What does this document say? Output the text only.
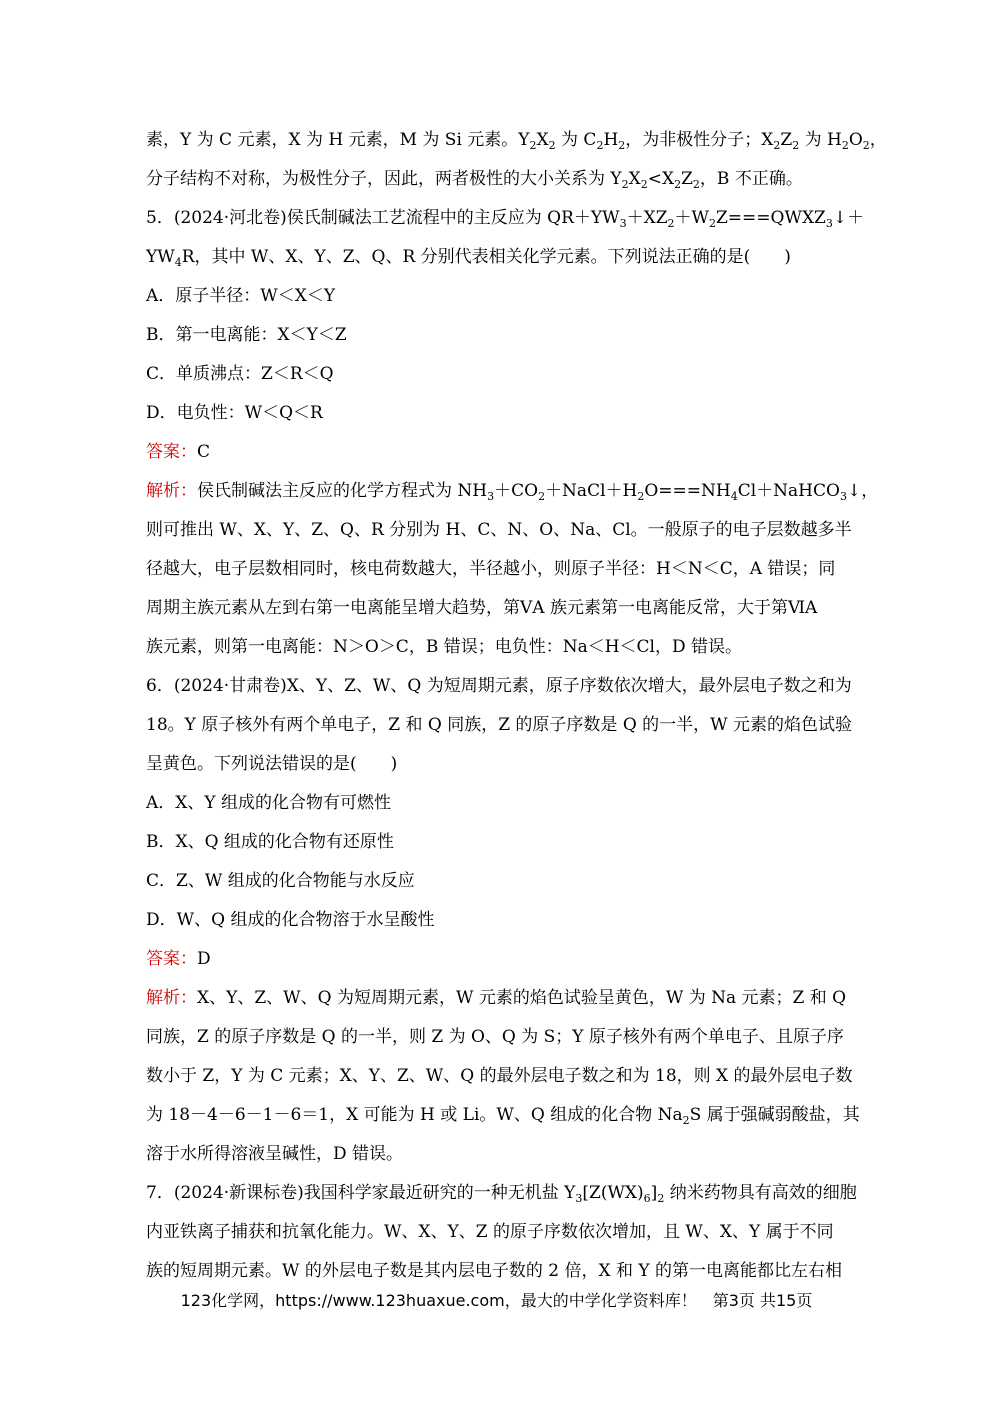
素，Y 为 C 元素，X 为 H 元素，M 为 Si 元素。$Y_2X_2$ 为 $C_2H_2$，为非极性分子；$X_2Z_2$ 为 $H_2O_2$，
分子结构不对称，为极性分子，因此，两者极性的大小关系为 $Y_2X_2<X_2Z_2$，B 不正确。
5．(2024·河北卷)侯氏制碱法工艺流程中的主反应为 $QR+YW_3+XZ_2+W_2Z===QWXZ_3↓+$
$YW_4R$，其中 W、X、Y、Z、Q、R 分别代表相关化学元素。下列说法正确的是(　　)
A．原子半径：W＜X＜Y
B．第一电离能：X＜Y＜Z
C．单质沸点：Z＜R＜Q
D．电负性：W＜Q＜R
答案：C
解析：侯氏制碱法主反应的化学方程式为 $NH_3+CO_2+NaCl+H_2O===NH_4Cl+NaHCO_3↓$，
则可推出 W、X、Y、Z、Q、R 分别为 H、C、N、O、Na、Cl。一般原子的电子层数越多半
径越大，电子层数相同时，核电荷数越大，半径越小，则原子半径：H＜N＜C，A 错误；同
周期主族元素从左到右第一电离能呈增大趋势，第ⅤA 族元素第一电离能反常，大于第ⅥA
族元素，则第一电离能：N＞O＞C，B 错误；电负性：Na＜H＜Cl，D 错误。
6．(2024·甘肃卷)X、Y、Z、W、Q 为短周期元素，原子序数依次增大，最外层电子数之和为
18。Y 原子核外有两个单电子，Z 和 Q 同族，Z 的原子序数是 Q 的一半，W 元素的焰色试验
呈黄色。下列说法错误的是(　　)
A．X、Y 组成的化合物有可燃性
B．X、Q 组成的化合物有还原性
C．Z、W 组成的化合物能与水反应
D．W、Q 组成的化合物溶于水呈酸性
答案：D
解析：X、Y、Z、W、Q 为短周期元素，W 元素的焰色试验呈黄色，W 为 Na 元素；Z 和 Q
同族，Z 的原子序数是 Q 的一半，则 Z 为 O、Q 为 S；Y 原子核外有两个单电子、且原子序
数小于 Z，Y 为 C 元素；X、Y、Z、W、Q 的最外层电子数之和为 18，则 X 的最外层电子数
为 18－4－6－1－6＝1，X 可能为 H 或 Li。W、Q 组成的化合物 $Na_2S$ 属于强碱弱酸盐，其
溶于水所得溶液呈碱性，D 错误。
7．(2024·新课标卷)我国科学家最近研究的一种无机盐 $Y_3[Z(WX)_6]_2$ 纳米药物具有高效的细胞
内亚铁离子捕获和抗氧化能力。W、X、Y、Z 的原子序数依次增加，且 W、X、Y 属于不同
族的短周期元素。W 的外层电子数是其内层电子数的 2 倍，X 和 Y 的第一电离能都比左右相
123化学网，https://www.123huaxue.com，最大的中学化学资料库！　第3页 共15页
